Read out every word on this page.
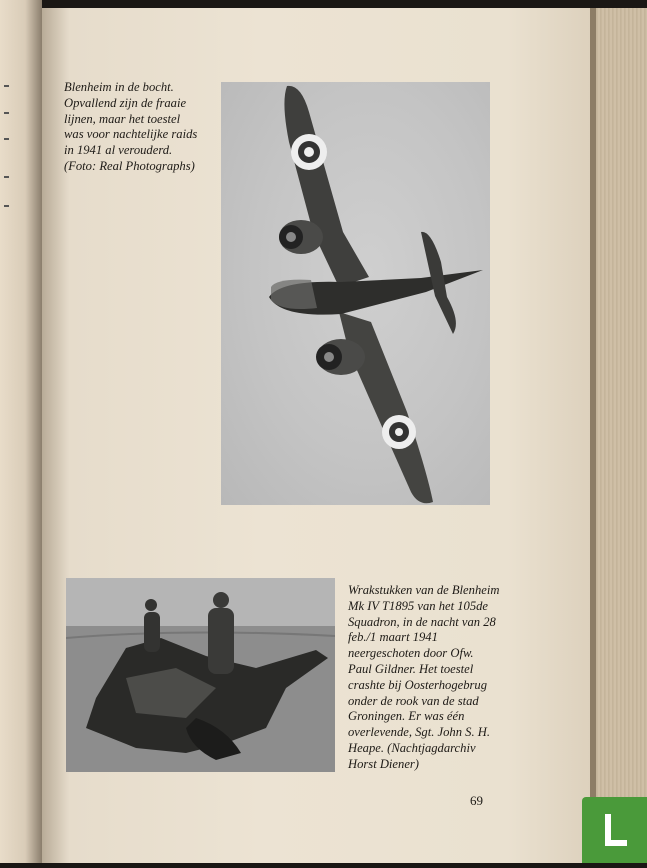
Blenheim in de bocht.
Opvallend zijn de fraaie
lijnen, maar het toestel
was voor nachtelijke raids
in 1941 al verouderd.
(Foto: Real Photographs)
Wrakstukken van de Blenheim Mk IV T1895 van het 105de Squadron, in de nacht van 28 feb./1 maart 1941 neergeschoten door Ofw. Paul Gildner. Het toestel crashte bij Oosterhogebrug onder de rook van de stad Groningen. Er was één overlevende, Sgt. John S. H. Heape. (Nachtjagdarchiv Horst Diener)
69
